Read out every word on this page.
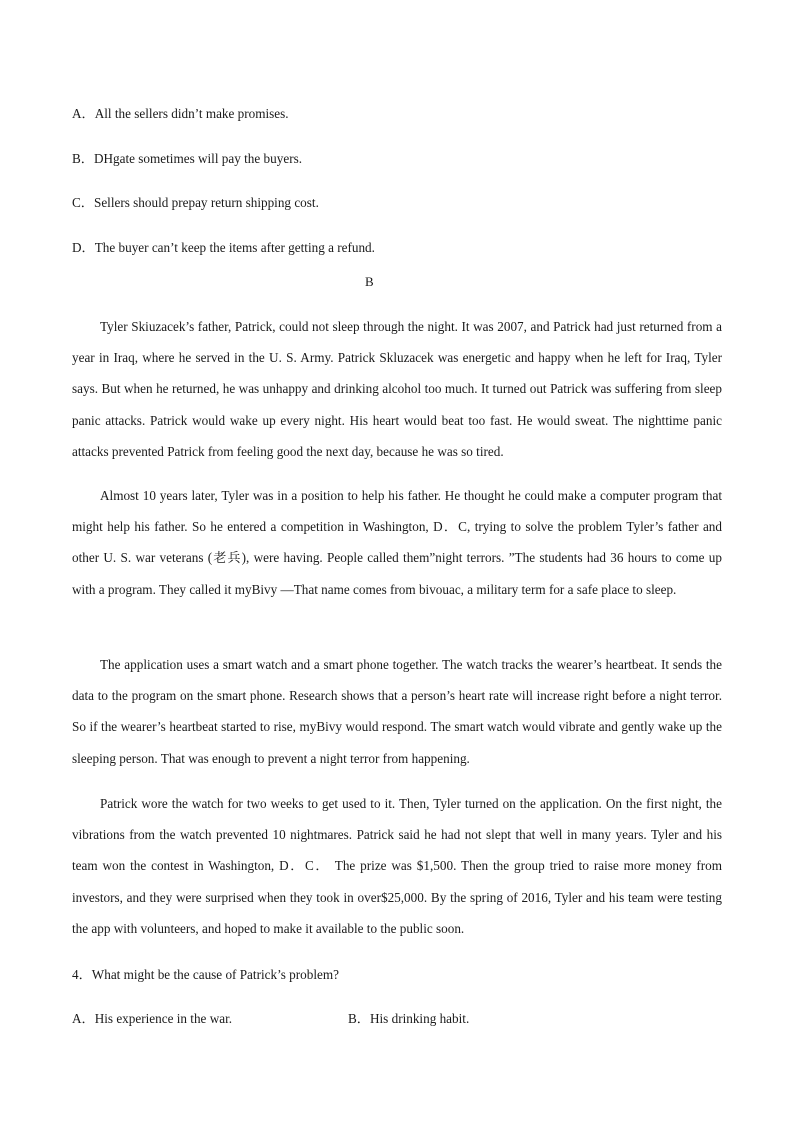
A．All the sellers didn’t make promises.
B．DHgate sometimes will pay the buyers.
C．Sellers should prepay return shipping cost.
D．The buyer can’t keep the items after getting a refund.
B

Tyler Skiuzacek’s father, Patrick, could not sleep through the night. It was 2007, and Patrick had just returned from a year in Iraq, where he served in the U. S. Army. Patrick Skluzacek was energetic and happy when he left for Iraq, Tyler says. But when he returned, he was unhappy and drinking alcohol too much. It turned out Patrick was suffering from sleep panic attacks. Patrick would wake up every night. His heart would beat too fast. He would sweat. The nighttime panic attacks prevented Patrick from feeling good the next day, because he was so tired.

Almost 10 years later, Tyler was in a position to help his father. He thought he could make a computer program that might help his father. So he entered a competition in Washington, D．C, trying to solve the problem Tyler’s father and other U. S. war veterans (老兵), were having. People called them”night terrors. ”The students had 36 hours to come up with a program. They called it myBivy —That name comes from bivouac, a military term for a safe place to sleep.

The application uses a smart watch and a smart phone together. The watch tracks the wearer’s heartbeat. It sends the data to the program on the smart phone. Research shows that a person’s heart rate will increase right before a night terror. So if the wearer’s heartbeat started to rise, myBivy would respond. The smart watch would vibrate and gently wake up the sleeping person. That was enough to prevent a night terror from happening.

Patrick wore the watch for two weeks to get used to it. Then, Tyler turned on the application. On the first night, the vibrations from the watch prevented 10 nightmares. Patrick said he had not slept that well in many years. Tyler and his team won the contest in Washington, D．C． The prize was $1,500. Then the group tried to raise more money from investors, and they were surprised when they took in over$25,000. By the spring of 2016, Tyler and his team were testing the app with volunteers, and hoped to make it available to the public soon.

4．What might be the cause of Patrick’s problem?
A．His experience in the war.	B．His drinking habit.
